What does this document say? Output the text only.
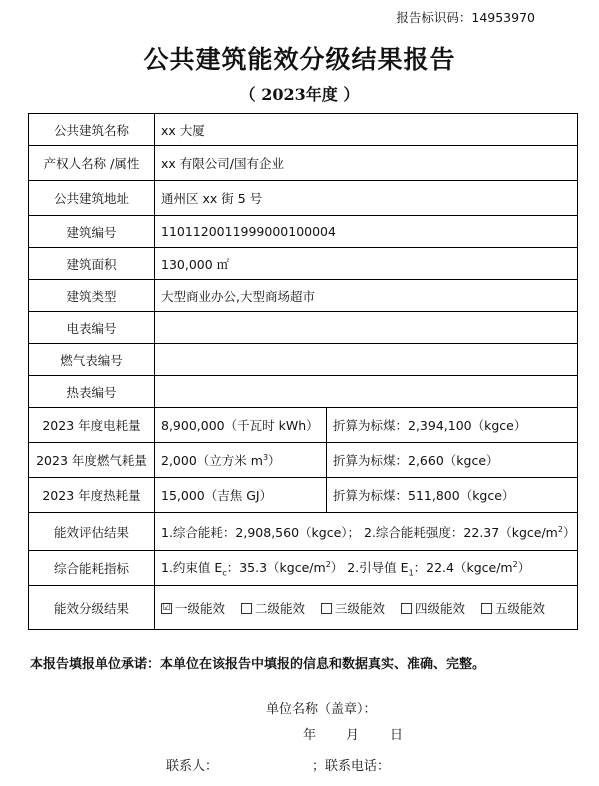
报告标识码：14953970
公共建筑能效分级结果报告
（ 2023年度 ）
公共建筑名称	xx 大厦	
产权人名称 /属性	xx 有限公司/国有企业	
公共建筑地址	通州区 xx 街 5 号	
建筑编号	1101120011999000100004	
建筑面积	130,000 ㎡	
建筑类型	大型商业办公,大型商场超市	
电表编号		
燃气表编号		
热表编号		
2023 年度电耗量	8,900,000（千瓦时 kWh）	折算为标煤：2,394,100（kgce）
2023 年度燃气耗量	2,000（立方米 $m^3$）	折算为标煤：2,660（kgce）
2023 年度热耗量	15,000（吉焦 GJ）	折算为标煤：511,800（kgce）
能效评估结果	1.综合能耗：2,908,560（kgce）； 2.综合能耗强度：$22.37(kgce/m^2)$	
综合能耗指标	1.约束值 $E_c$：$35.3(kgce/m^2)$ 2.引导值 $E_1$：$22.4(kgce/m^2)$	
能效分级结果	☑ 一级能效 二级能效 三级能效 四级能效 五级能效	
本报告填报单位承诺：本单位在该报告中填报的信息和数据真实、准确、完整。
单位名称（盖章）：
年 月 日
联系人：	；联系电话：
